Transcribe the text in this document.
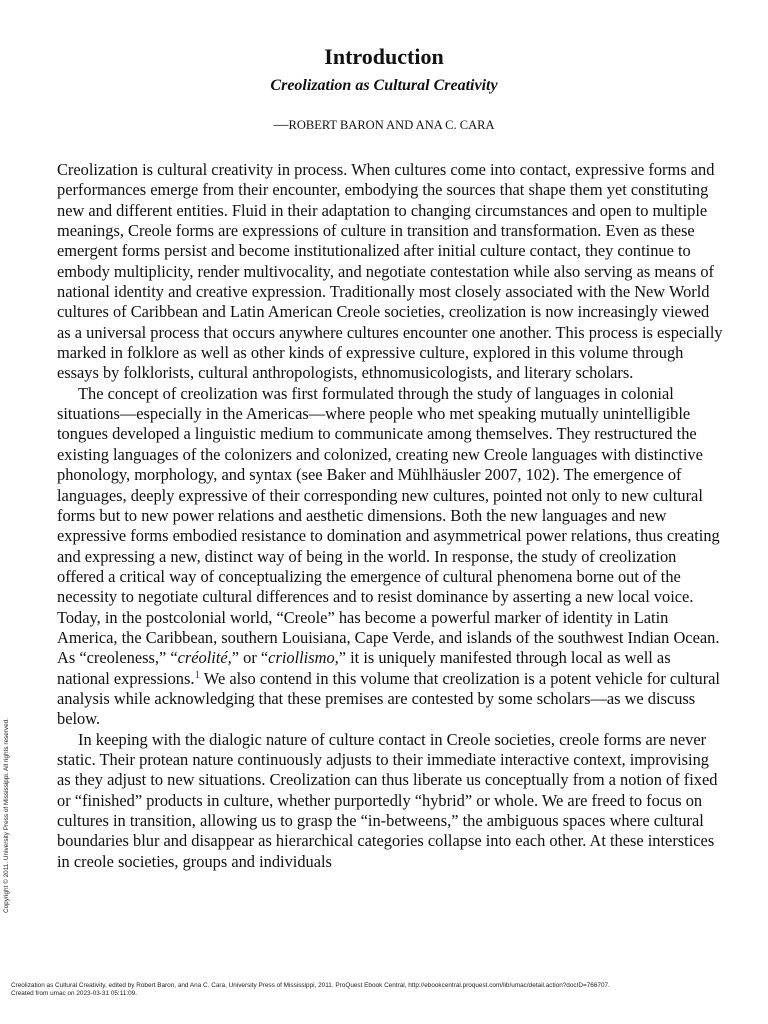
Introduction
Creolization as Cultural Creativity
—ROBERT BARON AND ANA C. CARA

Creolization is cultural creativity in process. When cultures come into contact, expressive forms and performances emerge from their encounter, embodying the sources that shape them yet constituting new and different entities. Fluid in their adaptation to changing circumstances and open to multiple meanings, Creole forms are expressions of culture in transition and transformation. Even as these emergent forms persist and become institutionalized after initial culture contact, they continue to embody multiplicity, render multivocality, and negotiate contestation while also serving as means of national identity and creative expression. Traditionally most closely associated with the New World cultures of Caribbean and Latin American Creole societies, creolization is now increasingly viewed as a universal process that occurs anywhere cultures encounter one another. This process is especially marked in folklore as well as other kinds of expressive culture, explored in this volume through essays by folklorists, cultural anthropologists, ethnomusicologists, and literary scholars.

The concept of creolization was first formulated through the study of languages in colonial situations—especially in the Americas—where people who met speaking mutually unintelligible tongues developed a linguistic medium to communicate among themselves. They restructured the existing languages of the colonizers and colonized, creating new Creole languages with distinctive phonology, morphology, and syntax (see Baker and Mühlhäusler 2007, 102). The emergence of languages, deeply expressive of their corresponding new cultures, pointed not only to new cultural forms but to new power relations and aesthetic dimensions. Both the new languages and new expressive forms embodied resistance to domination and asymmetrical power relations, thus creating and expressing a new, distinct way of being in the world. In response, the study of creolization offered a critical way of conceptualizing the emergence of cultural phenomena borne out of the necessity to negotiate cultural differences and to resist dominance by asserting a new local voice. Today, in the postcolonial world, “Creole” has become a powerful marker of identity in Latin America, the Caribbean, southern Louisiana, Cape Verde, and islands of the southwest Indian Ocean. As “creoleness,” “créolité,” or “criollismo,” it is uniquely manifested through local as well as national expressions.$^1$ We also contend in this volume that creolization is a potent vehicle for cultural analysis while acknowledging that these premises are contested by some scholars—as we discuss below.

In keeping with the dialogic nature of culture contact in Creole societies, creole forms are never static. Their protean nature continuously adjusts to their immediate interactive context, improvising as they adjust to new situations. Creolization can thus liberate us conceptually from a notion of fixed or “finished” products in culture, whether purportedly “hybrid” or whole. We are freed to focus on cultures in transition, allowing us to grasp the “in-betweens,” the ambiguous spaces where cultural boundaries blur and disappear as hierarchical categories collapse into each other. At these interstices in creole societies, groups and individuals

Copyright © 2011. University Press of Mississippi. All rights reserved.
Creolization as Cultural Creativity, edited by Robert Baron, and Ana C. Cara, University Press of Mississippi, 2011. ProQuest Ebook Central, http://ebookcentral.proquest.com/lib/umac/detail.action?docID=766707.
Created from umac on 2023-03-31 05:11:09.
